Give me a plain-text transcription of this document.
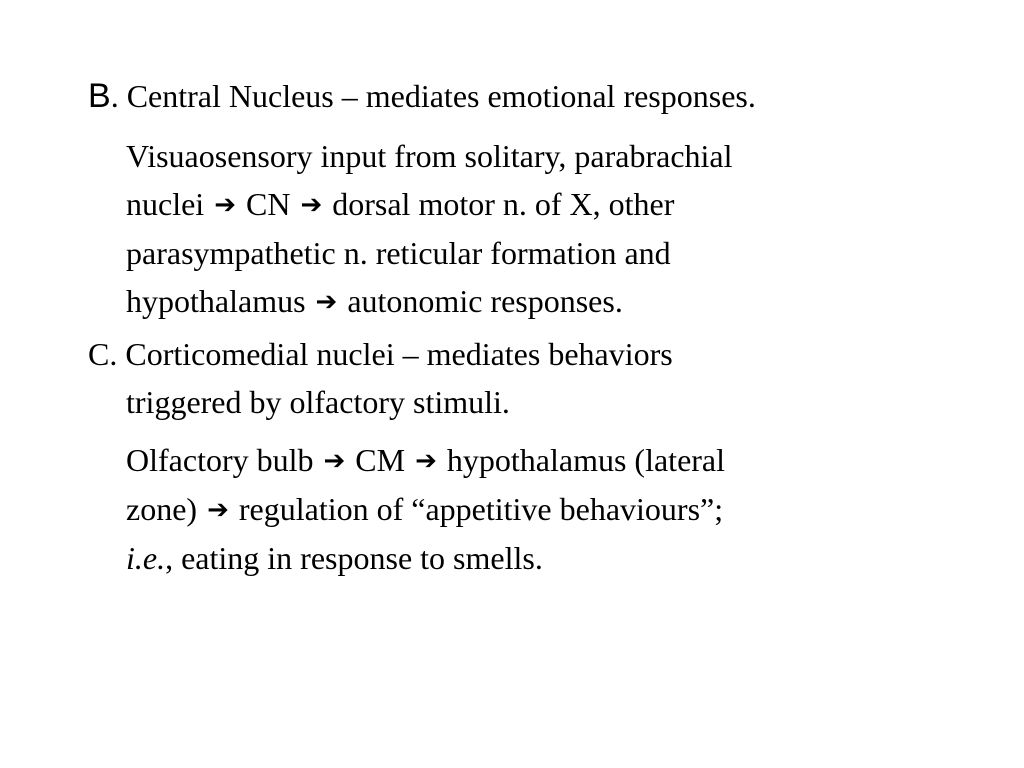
B. Central Nucleus – mediates emotional responses.
Visuaosensory input from solitary, parabrachial
nuclei ➔ CN ➔ dorsal motor n. of X, other
parasympathetic n. reticular formation and
hypothalamus ➔ autonomic responses.
C. Corticomedial nuclei – mediates behaviors
triggered by olfactory stimuli.
Olfactory bulb ➔ CM ➔ hypothalamus (lateral
zone) ➔ regulation of “appetitive behaviours”;
i.e., eating in response to smells.
